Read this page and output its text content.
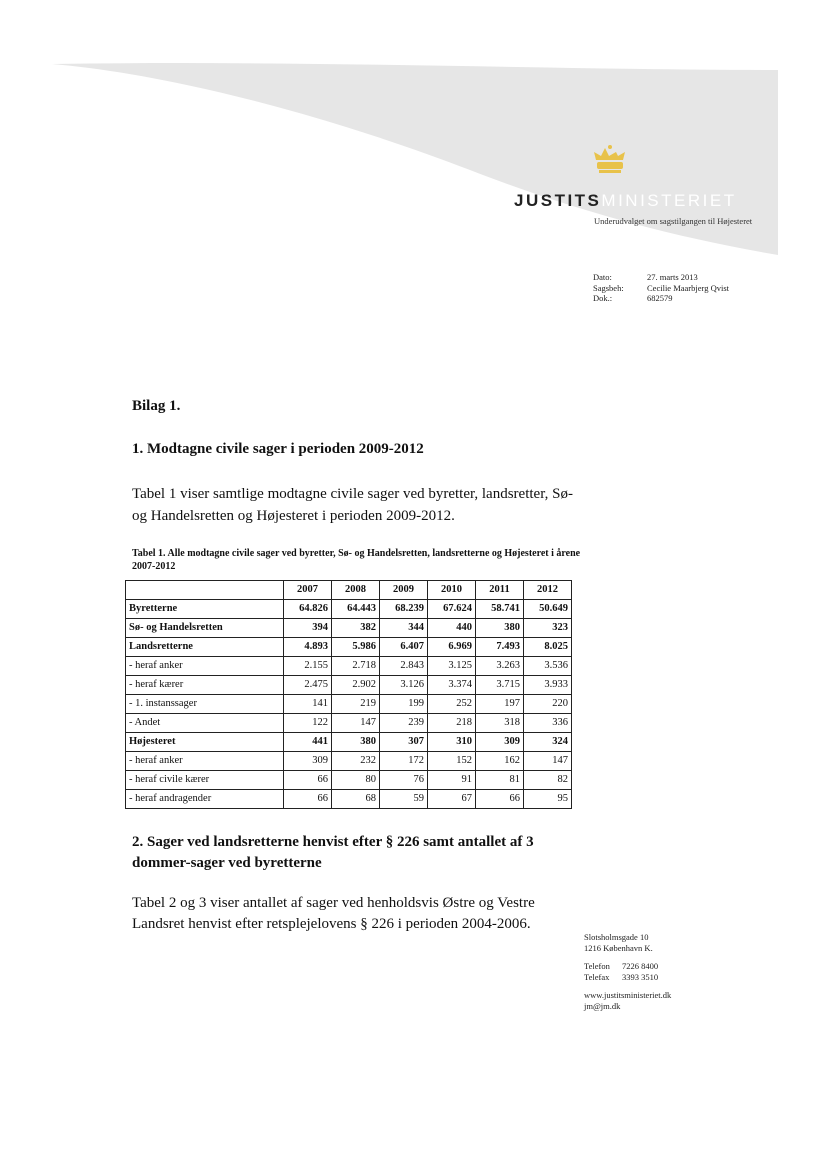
JUSTITSMINISTERIET
Underudvalget om sagstilgangen til Højesteret
Dato:	27. marts 2013
Sagsbeh:	Cecilie Maarbjerg Qvist
Dok.:	682579
Bilag 1.
1. Modtagne civile sager i perioden 2009-2012
Tabel 1 viser samtlige modtagne civile sager ved byretter, landsretter, Sø- og Handelsretten og Højesteret i perioden 2009-2012.
Tabel 1. Alle modtagne civile sager ved byretter, Sø- og Handelsretten, landsretterne og Højesteret i årene 2007-2012
	2007	2008	2009	2010	2011	2012
Byretterne	64.826	64.443	68.239	67.624	58.741	50.649
Sø- og Handelsretten	394	382	344	440	380	323
Landsretterne	4.893	5.986	6.407	6.969	7.493	8.025
- heraf anker	2.155	2.718	2.843	3.125	3.263	3.536
- heraf kærer	2.475	2.902	3.126	3.374	3.715	3.933
- 1. instanssager	141	219	199	252	197	220
- Andet	122	147	239	218	318	336
Højesteret	441	380	307	310	309	324
- heraf anker	309	232	172	152	162	147
- heraf civile kærer	66	80	76	91	81	82
- heraf andragender	66	68	59	67	66	95
2. Sager ved landsretterne henvist efter § 226 samt antallet af 3 dommer-sager ved byretterne
Tabel 2 og 3 viser antallet af sager ved henholdsvis Østre og Vestre Landsret henvist efter retsplejelovens § 226 i perioden 2004-2006.
Slotsholmsgade 10
1216 København K.
Telefon	7226 8400
Telefax	3393 3510
www.justitsministeriet.dk
jm@jm.dk
